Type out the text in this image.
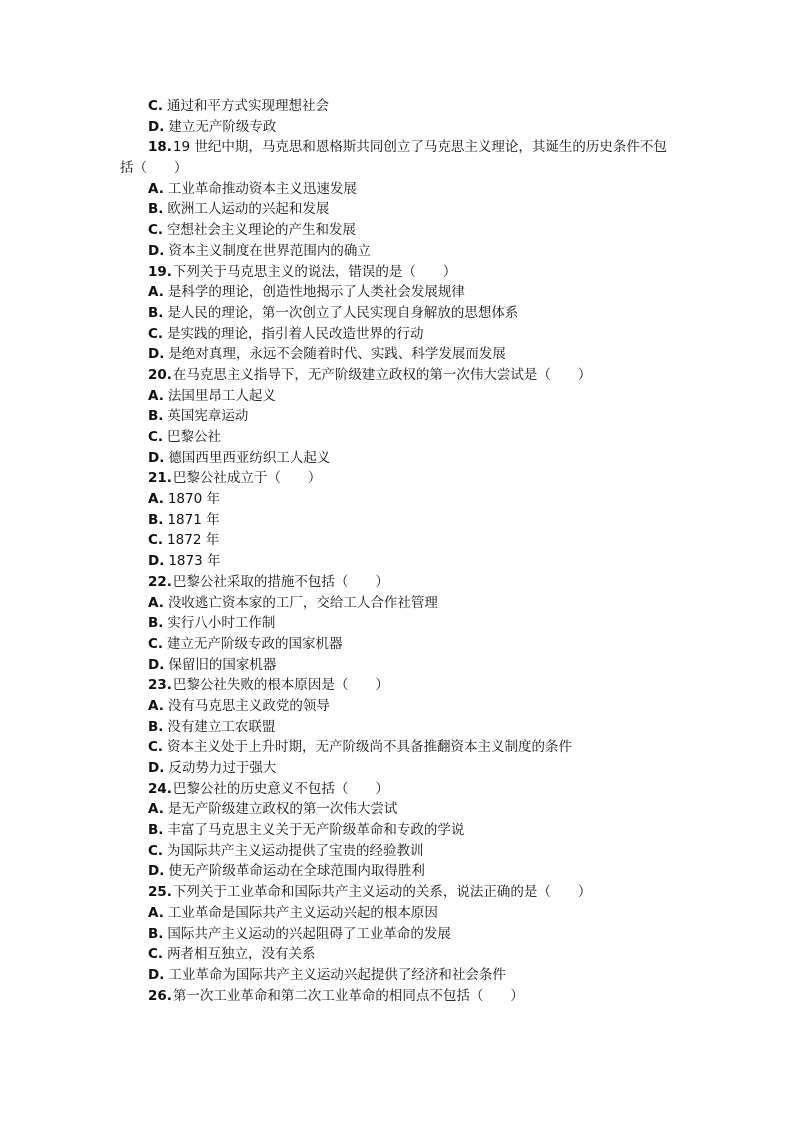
C. 通过和平方式实现理想社会
D. 建立无产阶级专政
18.19 世纪中期，马克思和恩格斯共同创立了马克思主义理论，其诞生的历史条件不包
括（　　）
A. 工业革命推动资本主义迅速发展
B. 欧洲工人运动的兴起和发展
C. 空想社会主义理论的产生和发展
D. 资本主义制度在世界范围内的确立
19.下列关于马克思主义的说法，错误的是（　　）
A. 是科学的理论，创造性地揭示了人类社会发展规律
B. 是人民的理论，第一次创立了人民实现自身解放的思想体系
C. 是实践的理论，指引着人民改造世界的行动
D. 是绝对真理，永远不会随着时代、实践、科学发展而发展
20.在马克思主义指导下，无产阶级建立政权的第一次伟大尝试是（　　）
A. 法国里昂工人起义
B. 英国宪章运动
C. 巴黎公社
D. 德国西里西亚纺织工人起义
21.巴黎公社成立于（　　）
A. 1870 年
B. 1871 年
C. 1872 年
D. 1873 年
22.巴黎公社采取的措施不包括（　　）
A. 没收逃亡资本家的工厂，交给工人合作社管理
B. 实行八小时工作制
C. 建立无产阶级专政的国家机器
D. 保留旧的国家机器
23.巴黎公社失败的根本原因是（　　）
A. 没有马克思主义政党的领导
B. 没有建立工农联盟
C. 资本主义处于上升时期，无产阶级尚不具备推翻资本主义制度的条件
D. 反动势力过于强大
24.巴黎公社的历史意义不包括（　　）
A. 是无产阶级建立政权的第一次伟大尝试
B. 丰富了马克思主义关于无产阶级革命和专政的学说
C. 为国际共产主义运动提供了宝贵的经验教训
D. 使无产阶级革命运动在全球范围内取得胜利
25.下列关于工业革命和国际共产主义运动的关系，说法正确的是（　　）
A. 工业革命是国际共产主义运动兴起的根本原因
B. 国际共产主义运动的兴起阻碍了工业革命的发展
C. 两者相互独立，没有关系
D. 工业革命为国际共产主义运动兴起提供了经济和社会条件
26.第一次工业革命和第二次工业革命的相同点不包括（　　）
